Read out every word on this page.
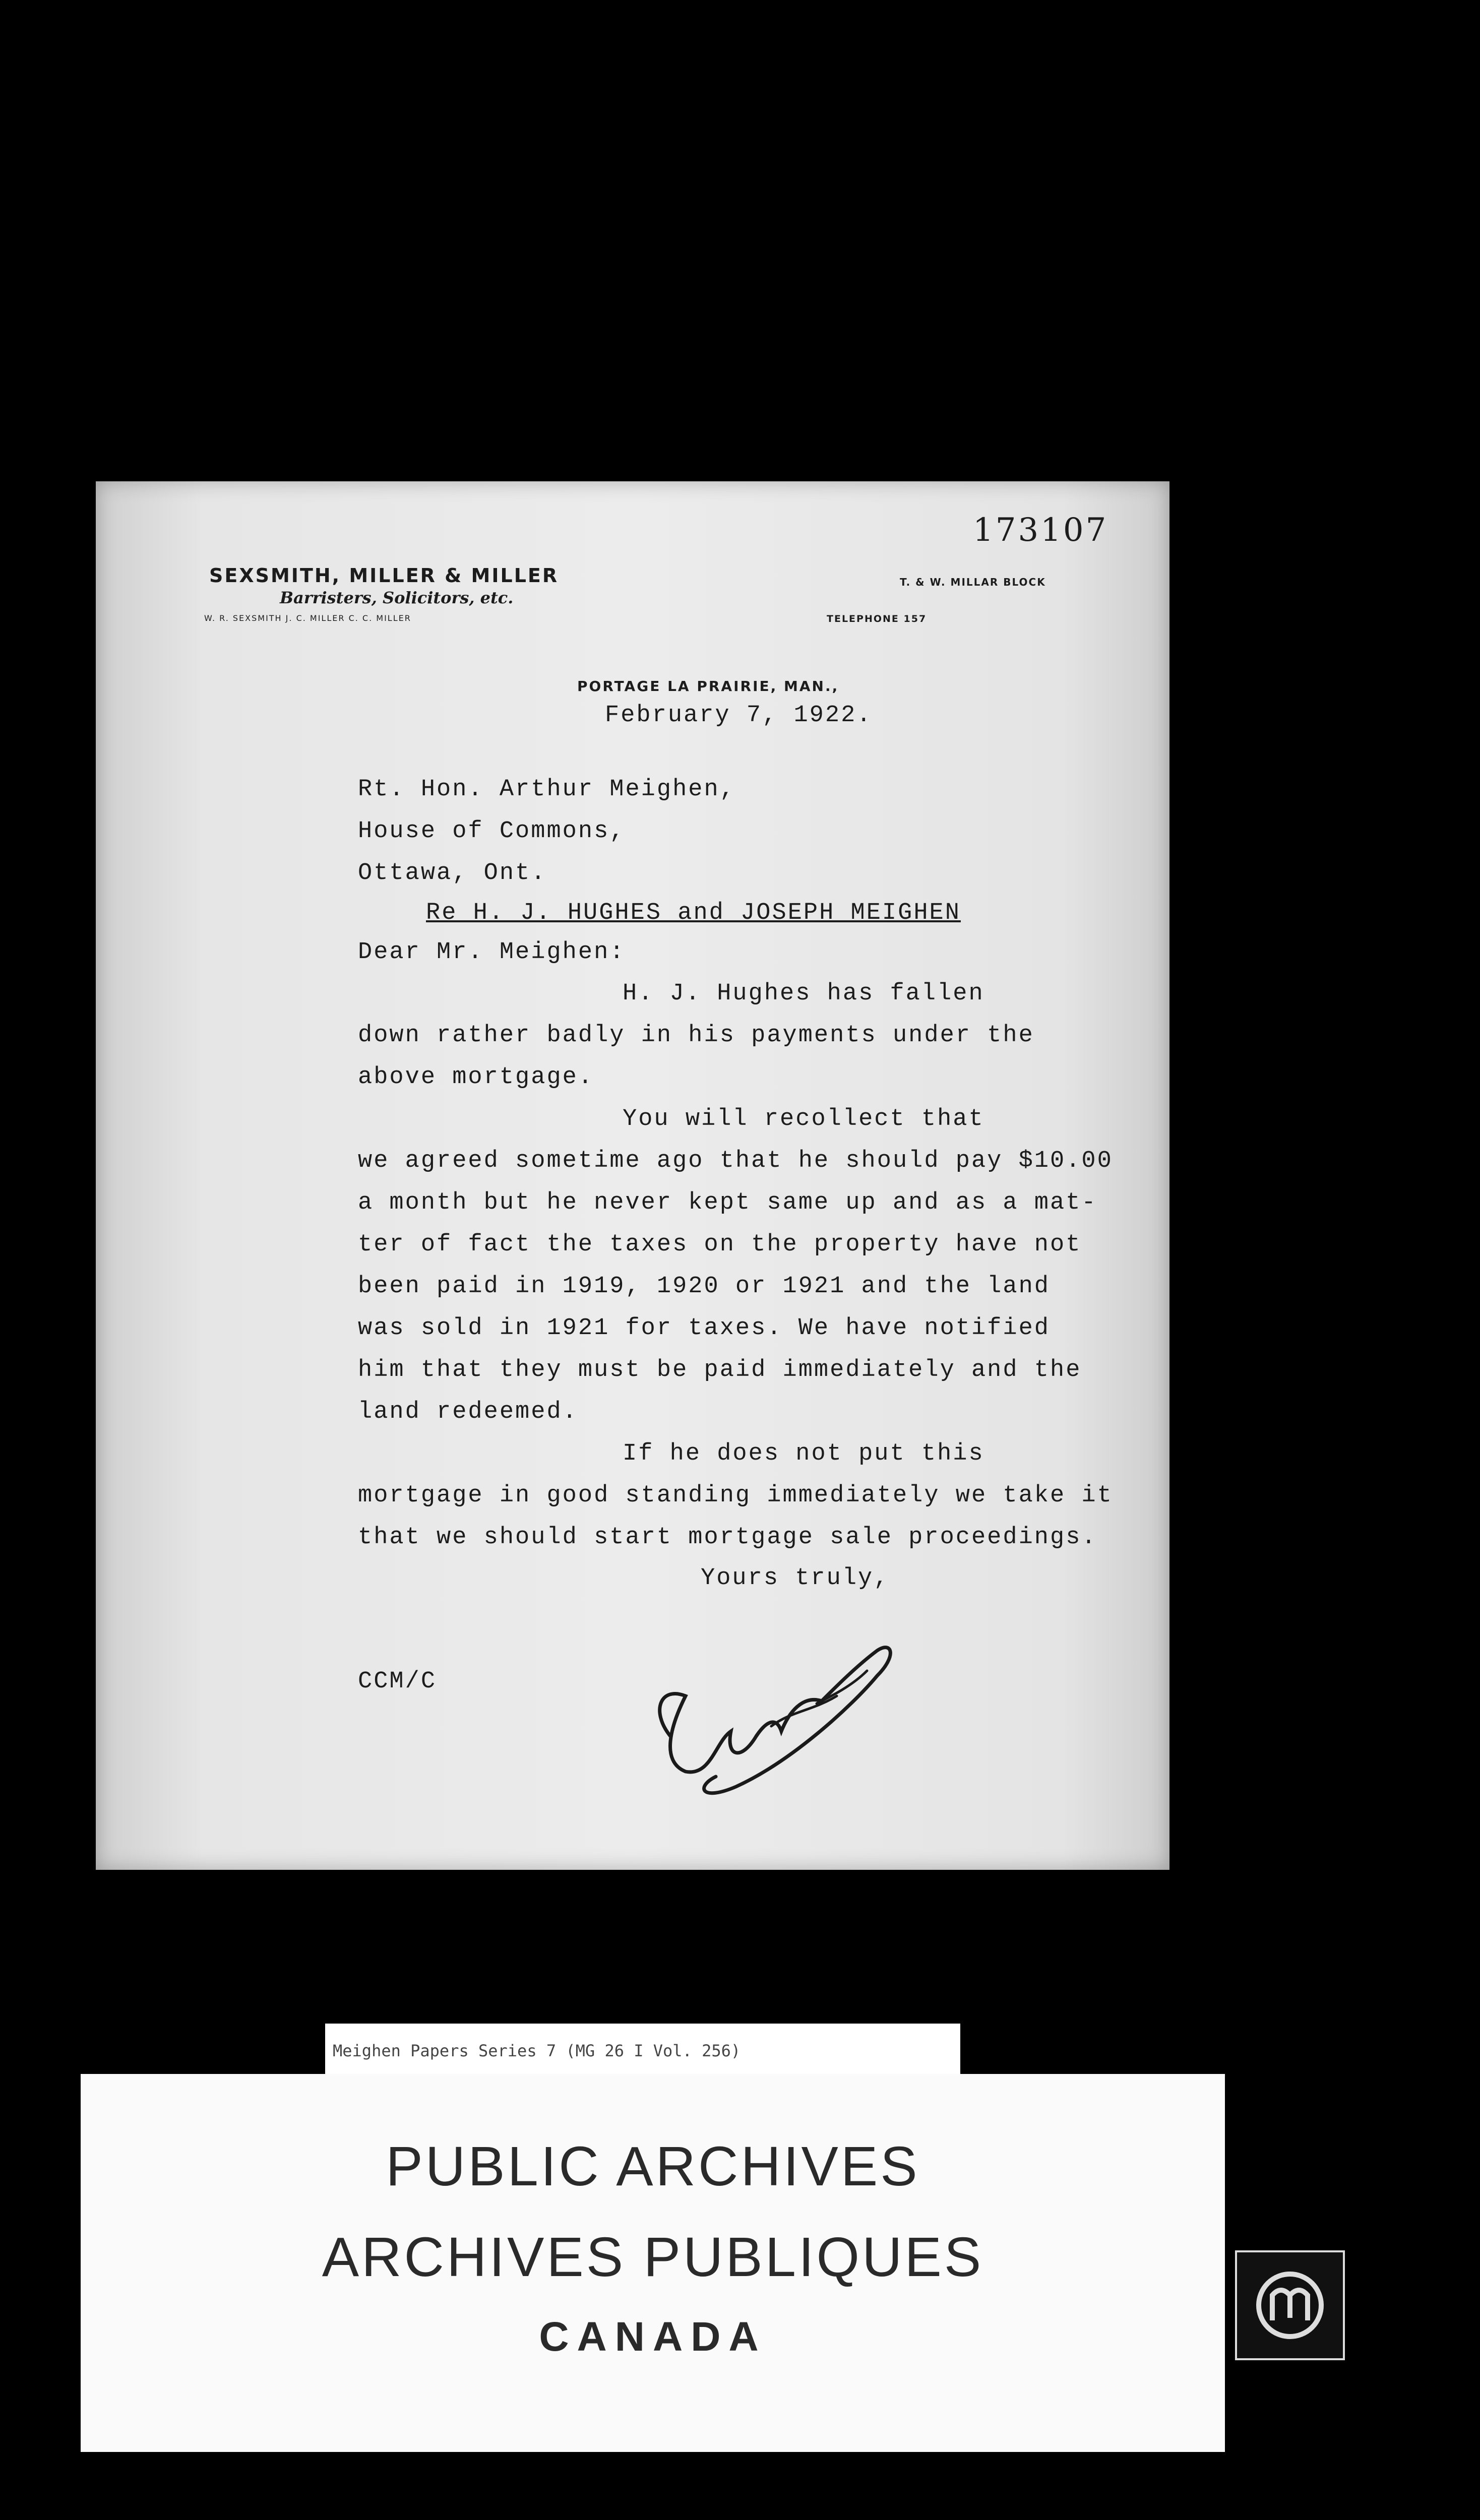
173107
SEXSMITH, MILLER & MILLER
Barristers, Solicitors, etc.
W. R. SEXSMITH J. C. MILLER C. C. MILLER
T. & W. MILLAR BLOCK
TELEPHONE 157
PORTAGE LA PRAIRIE, MAN.,
February 7, 1922.
Rt. Hon. Arthur Meighen,
House of Commons,
Ottawa, Ont.
Re H. J. HUGHES and JOSEPH MEIGHEN
Dear Mr. Meighen:
H. J. Hughes has fallen
down rather badly in his payments under the
above mortgage.
You will recollect that
we agreed sometime ago that he should pay $10.00
a month but he never kept same up and as a mat-
ter of fact the taxes on the property have not
been paid in 1919, 1920 or 1921 and the land
was sold in 1921 for taxes. We have notified
him that they must be paid immediately and the
land redeemed.
If he does not put this
mortgage in good standing immediately we take it
that we should start mortgage sale proceedings.
Yours truly,
CCM/C
Meighen Papers Series 7 (MG 26 I Vol. 256)
PUBLIC ARCHIVES
ARCHIVES PUBLIQUES
CANADA
